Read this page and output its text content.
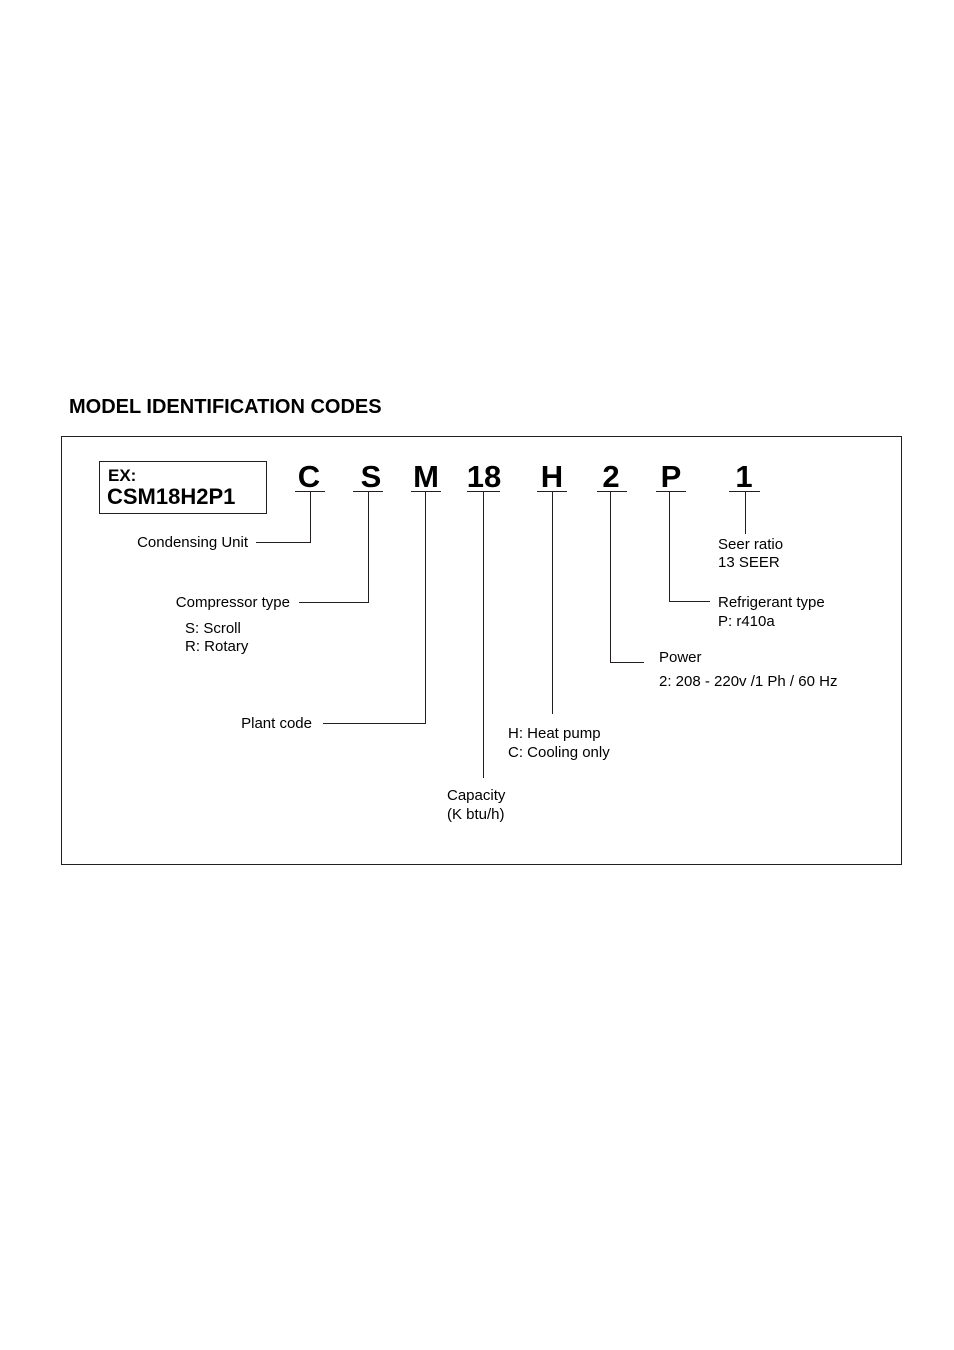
MODEL IDENTIFICATION CODES
EX:
CSM18H2P1
C S M 18 H 2 P 1
Condensing Unit
Compressor type
S: Scroll
R: Rotary
Plant code
Capacity
(K btu/h)
H: Heat pump
C: Cooling only
Power
2: 208 - 220v /1 Ph / 60 Hz
Refrigerant type
P: r410a
Seer ratio
13 SEER
